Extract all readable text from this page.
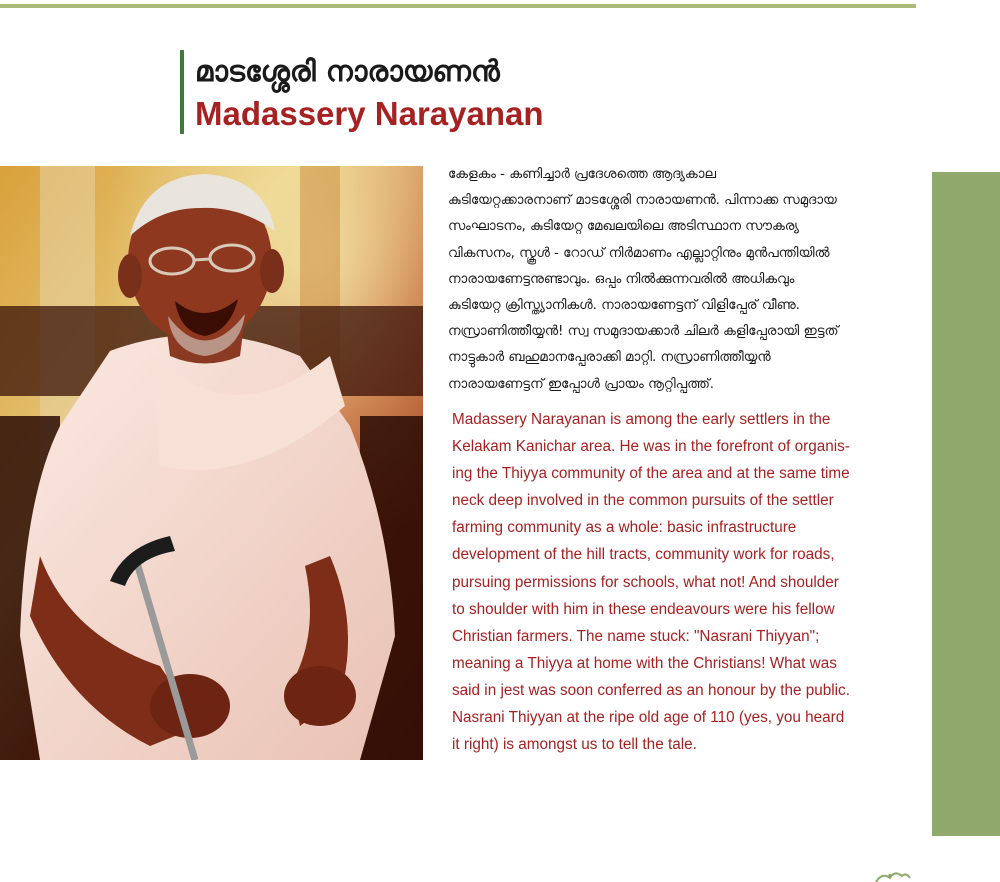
മാടശ്ശേരി നാരായണൻ
Madassery Narayanan
കേളകം - കണിച്ചാർ പ്രദേശത്തെ ആദ്യകാല
കുടിയേറ്റക്കാരനാണ് മാടശ്ശേരി നാരായണൻ. പിന്നാക്ക സമുദായ
സംഘാടനം, കുടിയേറ്റ മേഖലയിലെ അടിസ്ഥാന സൗകര്യ
വികസനം, സ്കൂൾ - റോഡ് നിർമാണം എല്ലാറ്റിനും മുൻപന്തിയിൽ
നാരായണേട്ടനുണ്ടാവും. ഒപ്പം നിൽക്കുന്നവരിൽ അധികവും
കുടിയേറ്റ ക്രിസ്ത്യാനികൾ. നാരായണേട്ടന് വിളിപ്പേര് വീണു.
നസ്രാണിത്തീയ്യൻ! സ്വ സമുദായക്കാർ ചിലർ കളിപ്പേരായി ഇട്ടത്
നാട്ടുകാർ ബഹുമാനപ്പേരാക്കി മാറ്റി. നസ്രാണിത്തീയ്യൻ
നാരായണേട്ടന് ഇപ്പോൾ പ്രായം നൂറ്റിപ്പത്ത്.
Madassery Narayanan is among the early settlers in the
Kelakam Kanichar area. He was in the forefront of organis-
ing the Thiyya community of the area and at the same time
neck deep involved in the common pursuits of the settler
farming community as a whole: basic infrastructure
development of the hill tracts, community work for roads,
pursuing permissions for schools, what not! And shoulder
to shoulder with him in these endeavours were his fellow
Christian farmers. The name stuck: "Nasrani Thiyyan";
meaning a Thiyya at home with the Christians! What was
said in jest was soon conferred as an honour by the public.
Nasrani Thiyyan at the ripe old age of 110 (yes, you heard
it right) is amongst us to tell the tale.
